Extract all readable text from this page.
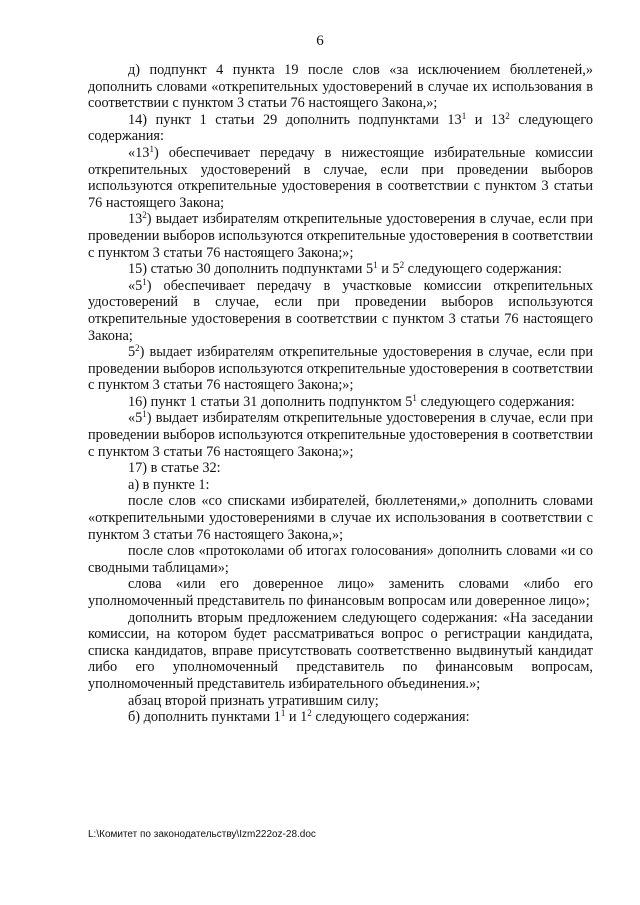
6

д) подпункт 4 пункта 19 после слов «за исключением бюллетеней,» дополнить словами «открепительных удостоверений в случае их использования в соответствии с пунктом 3 статьи 76 настоящего Закона,»;

14) пункт 1 статьи 29 дополнить подпунктами $13^1$ и $13^2$ следующего содержания:

«$13^1$) обеспечивает передачу в нижестоящие избирательные комиссии открепительных удостоверений в случае, если при проведении выборов используются открепительные удостоверения в соответствии с пунктом 3 статьи 76 настоящего Закона;

$13^2$) выдает избирателям открепительные удостоверения в случае, если при проведении выборов используются открепительные удостоверения в соответствии с пунктом 3 статьи 76 настоящего Закона;»;

15) статью 30 дополнить подпунктами $5^1$ и $5^2$ следующего содержания:

«$5^1$) обеспечивает передачу в участковые комиссии открепительных удостоверений в случае, если при проведении выборов используются открепительные удостоверения в соответствии с пунктом 3 статьи 76 настоящего Закона;

$5^2$) выдает избирателям открепительные удостоверения в случае, если при проведении выборов используются открепительные удостоверения в соответствии с пунктом 3 статьи 76 настоящего Закона;»;

16) пункт 1 статьи 31 дополнить подпунктом $5^1$ следующего содержания:

«$5^1$) выдает избирателям открепительные удостоверения в случае, если при проведении выборов используются открепительные удостоверения в соответствии с пунктом 3 статьи 76 настоящего Закона;»;

17) в статье 32:

а) в пункте 1:

после слов «со списками избирателей, бюллетенями,» дополнить словами «открепительными удостоверениями в случае их использования в соответствии с пунктом 3 статьи 76 настоящего Закона,»;

после слов «протоколами об итогах голосования» дополнить словами «и со сводными таблицами»;

слова «или его доверенное лицо» заменить словами «либо его уполномоченный представитель по финансовым вопросам или доверенное лицо»;

дополнить вторым предложением следующего содержания: «На заседании комиссии, на котором будет рассматриваться вопрос о регистрации кандидата, списка кандидатов, вправе присутствовать соответственно выдвинутый кандидат либо его уполномоченный представитель по финансовым вопросам, уполномоченный представитель избирательного объединения.»;

абзац второй признать утратившим силу;

б) дополнить пунктами $1^1$ и $1^2$ следующего содержания:

L:\Комитет по законодательству\Izm222oz-28.doc
